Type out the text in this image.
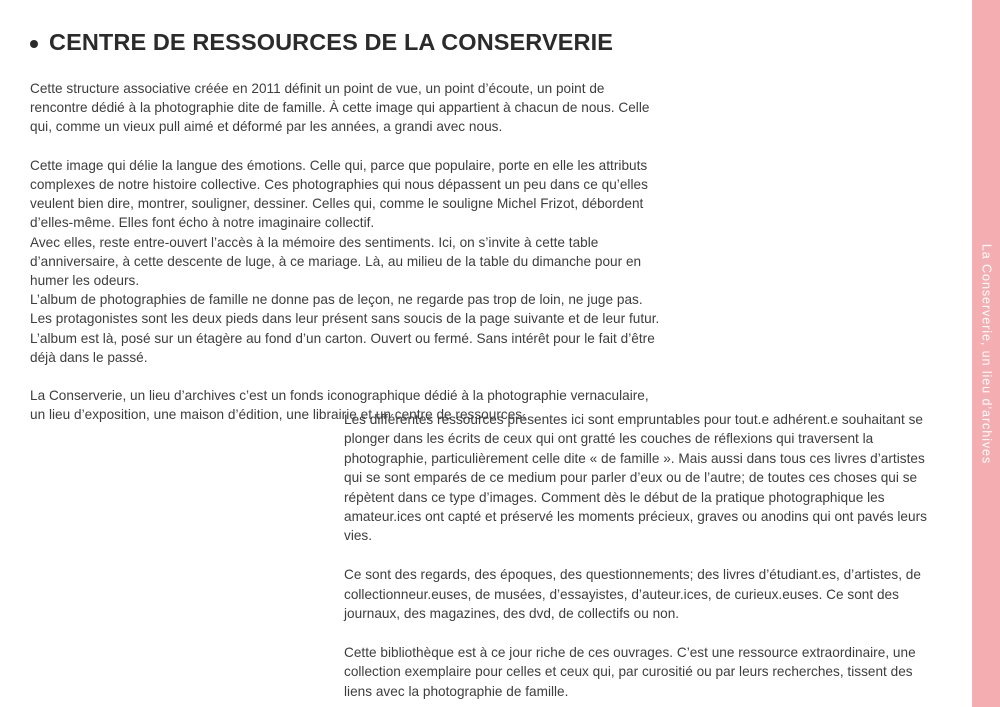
CENTRE DE RESSOURCES DE LA CONSERVERIE

Cette structure associative créée en 2011 définit un point de vue, un point d’écoute, un point de rencontre dédié à la photographie dite de famille. À cette image qui appartient à chacun de nous. Celle qui, comme un vieux pull aimé et déformé par les années, a grandi avec nous.

Cette image qui délie la langue des émotions. Celle qui, parce que populaire, porte en elle les attributs complexes de notre histoire collective. Ces photographies qui nous dépassent un peu dans ce qu’elles veulent bien dire, montrer, souligner, dessiner. Celles qui, comme le souligne Michel Frizot, débordent d’elles-même. Elles font écho à notre imaginaire collectif.

Avec elles, reste entre-ouvert l’accès à la mémoire des sentiments. Ici, on s’invite à cette table d’anniversaire, à cette descente de luge, à ce mariage. Là, au milieu de la table du dimanche pour en humer les odeurs.

L’album de photographies de famille ne donne pas de leçon, ne regarde pas trop de loin, ne juge pas. Les protagonistes sont les deux pieds dans leur présent sans soucis de la page suivante et de leur futur. L’album est là, posé sur un étagère au fond d’un carton. Ouvert ou fermé. Sans intérêt pour le fait d’être déjà dans le passé.

La Conserverie, un lieu d’archives c’est un fonds iconographique dédié à la photographie vernaculaire, un lieu d’exposition, une maison d’édition, une librairie et un centre de ressources.

Les différentes ressources présentes ici sont empruntables pour tout.e adhérent.e souhaitant se plonger dans les écrits de ceux qui ont gratté les couches de réflexions qui traversent la photographie, particulièrement celle dite « de famille ». Mais aussi dans tous ces livres d’artistes qui se sont emparés de ce medium pour parler d’eux ou de l’autre; de toutes ces choses qui se répètent dans ce type d’images. Comment dès le début de la pratique photographique les amateur.ices ont capté et préservé les moments précieux, graves ou anodins qui ont pavés leurs vies.

Ce sont des regards, des époques, des questionnements; des livres d’étudiant.es, d’artistes, de collectionneur.euses, de musées, d’essayistes, d’auteur.ices, de curieux.euses. Ce sont des journaux, des magazines, des dvd, de collectifs ou non.

Cette bibliothèque est à ce jour riche de ces ouvrages. C’est une ressource extraordinaire, une collection exemplaire pour celles et ceux qui, par curositié ou par leurs recherches, tissent des liens avec la photographie de famille.

La Conserverie, un lieu d’archives
